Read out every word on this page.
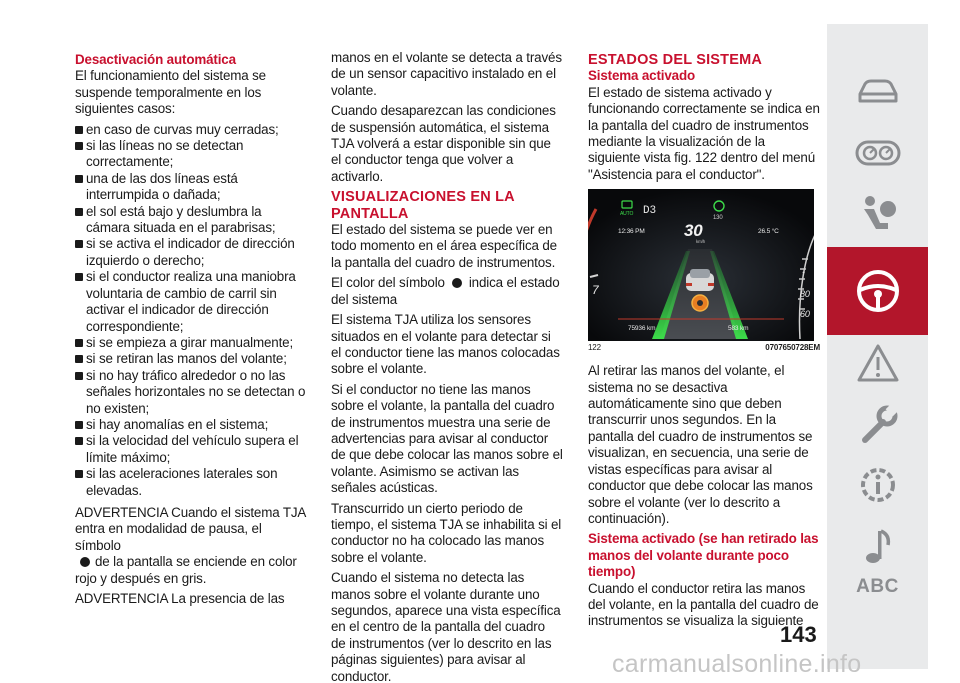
Desactivación automática
El funcionamiento del sistema se suspende temporalmente en los siguientes casos:
en caso de curvas muy cerradas;
si las líneas no se detectan correctamente;
una de las dos líneas está interrumpida o dañada;
el sol está bajo y deslumbra la cámara situada en el parabrisas;
si se activa el indicador de dirección izquierdo o derecho;
si el conductor realiza una maniobra voluntaria de cambio de carril sin activar el indicador de dirección correspondiente;
si se empieza a girar manualmente;
si se retiran las manos del volante;
si no hay tráfico alrededor o no las señales horizontales no se detectan o no existen;
si hay anomalías en el sistema;
si la velocidad del vehículo supera el límite máximo;
si las aceleraciones laterales son elevadas.
ADVERTENCIA Cuando el sistema TJA entra en modalidad de pausa, el símbolo
de la pantalla se enciende en color rojo y después en gris.
ADVERTENCIA La presencia de las
manos en el volante se detecta a través de un sensor capacitivo instalado en el volante.
Cuando desaparezcan las condiciones de suspensión automática, el sistema TJA volverá a estar disponible sin que el conductor tenga que volver a activarlo.
VISUALIZACIONES EN LA PANTALLA
El estado del sistema se puede ver en todo momento en el área específica de la pantalla del cuadro de instrumentos.
El color del símbolo indica el estado del sistema
El sistema TJA utiliza los sensores situados en el volante para detectar si el conductor tiene las manos colocadas sobre el volante.
Si el conductor no tiene las manos sobre el volante, la pantalla del cuadro de instrumentos muestra una serie de advertencias para avisar al conductor de que debe colocar las manos sobre el volante. Asimismo se activan las señales acústicas.
Transcurrido un cierto periodo de tiempo, el sistema TJA se inhabilita si el conductor no ha colocado las manos sobre el volante.
Cuando el sistema no detecta las manos sobre el volante durante uno segundos, aparece una vista específica en el centro de la pantalla del cuadro de instrumentos (ver lo descrito en las páginas siguientes) para avisar al conductor.
ESTADOS DEL SISTEMA
Sistema activado
El estado de sistema activado y funcionando correctamente se indica en la pantalla del cuadro de instrumentos mediante la visualización de la siguiente vista fig. 122 dentro del menú "Asistencia para el conductor".
AUTO D3
130
12:36 PM 30
km/h
26.5 °C
75936 km	583 km
7
-
80
60
122	0707650728EM
Al retirar las manos del volante, el sistema no se desactiva automáticamente sino que deben transcurrir unos segundos. En la pantalla del cuadro de instrumentos se visualizan, en secuencia, una serie de vistas específicas para avisar al conductor que debe colocar las manos sobre el volante (ver lo descrito a continuación).
Sistema activado (se han retirado las manos del volante durante poco tiempo)
Cuando el conductor retira las manos del volante, en la pantalla del cuadro de instrumentos se visualiza la siguiente
143
ABC
carmanualsonline.info
